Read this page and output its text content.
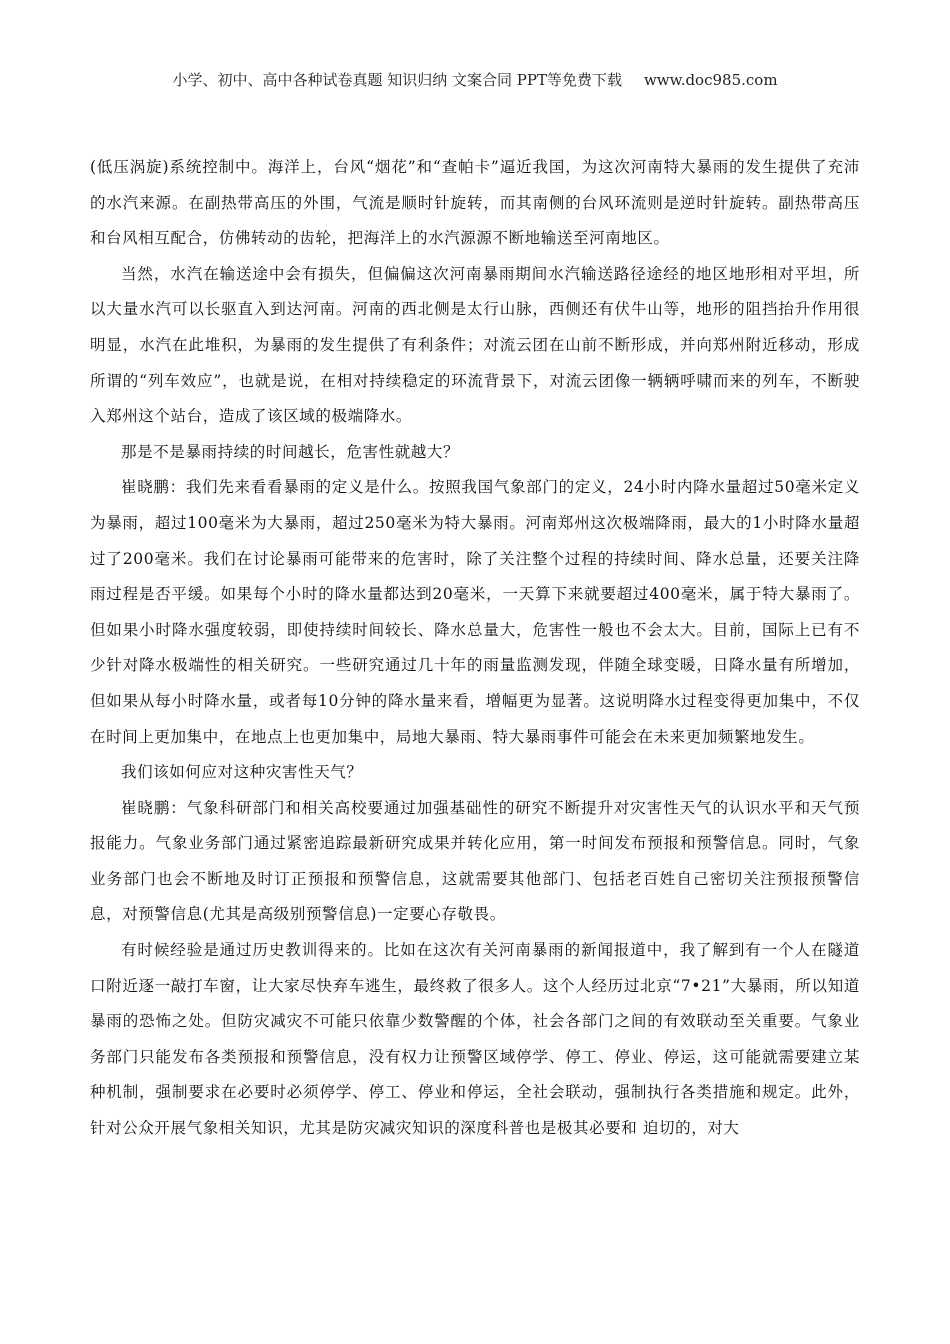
小学、初中、高中各种试卷真题 知识归纳 文案合同 PPT等免费下载 www.doc985.com

(低压涡旋)系统控制中。海洋上，台风“烟花”和“查帕卡”逼近我国，为这次河南特大暴雨的发生提供了充沛的水汽来源。在副热带高压的外围，气流是顺时针旋转，而其南侧的台风环流则是逆时针旋转。副热带高压和台风相互配合，仿佛转动的齿轮，把海洋上的水汽源源不断地输送至河南地区。

当然，水汽在输送途中会有损失，但偏偏这次河南暴雨期间水汽输送路径途经的地区地形相对平坦，所以大量水汽可以长驱直入到达河南。河南的西北侧是太行山脉，西侧还有伏牛山等，地形的阻挡抬升作用很明显，水汽在此堆积，为暴雨的发生提供了有利条件；对流云团在山前不断形成，并向郑州附近移动，形成所谓的“列车效应”，也就是说，在相对持续稳定的环流背景下，对流云团像一辆辆呼啸而来的列车，不断驶入郑州这个站台，造成了该区域的极端降水。

那是不是暴雨持续的时间越长，危害性就越大？

崔晓鹏：我们先来看看暴雨的定义是什么。按照我国气象部门的定义，24小时内降水量超过50毫米定义为暴雨，超过100毫米为大暴雨，超过250毫米为特大暴雨。河南郑州这次极端降雨，最大的1小时降水量超过了200毫米。我们在讨论暴雨可能带来的危害时，除了关注整个过程的持续时间、降水总量，还要关注降雨过程是否平缓。如果每个小时的降水量都达到20毫米，一天算下来就要超过400毫米，属于特大暴雨了。但如果小时降水强度较弱，即使持续时间较长、降水总量大，危害性一般也不会太大。目前，国际上已有不少针对降水极端性的相关研究。一些研究通过几十年的雨量监测发现，伴随全球变暖，日降水量有所增加，但如果从每小时降水量，或者每10分钟的降水量来看，增幅更为显著。这说明降水过程变得更加集中，不仅在时间上更加集中，在地点上也更加集中，局地大暴雨、特大暴雨事件可能会在未来更加频繁地发生。

我们该如何应对这种灾害性天气？

崔晓鹏：气象科研部门和相关高校要通过加强基础性的研究不断提升对灾害性天气的认识水平和天气预报能力。气象业务部门通过紧密追踪最新研究成果并转化应用，第一时间发布预报和预警信息。同时，气象业务部门也会不断地及时订正预报和预警信息，这就需要其他部门、包括老百姓自己密切关注预报预警信息，对预警信息(尤其是高级别预警信息)一定要心存敬畏。

有时候经验是通过历史教训得来的。比如在这次有关河南暴雨的新闻报道中，我了解到有一个人在隧道口附近逐一敲打车窗，让大家尽快弃车逃生，最终救了很多人。这个人经历过北京“7•21”大暴雨，所以知道暴雨的恐怖之处。但防灾减灾不可能只依靠少数警醒的个体，社会各部门之间的有效联动至关重要。气象业务部门只能发布各类预报和预警信息，没有权力让预警区域停学、停工、停业、停运，这可能就需要建立某种机制，强制要求在必要时必须停学、停工、停业和停运，全社会联动，强制执行各类措施和规定。此外，针对公众开展气象相关知识，尤其是防灾减灾知识的深度科普也是极其必要和 迫切的，对大
